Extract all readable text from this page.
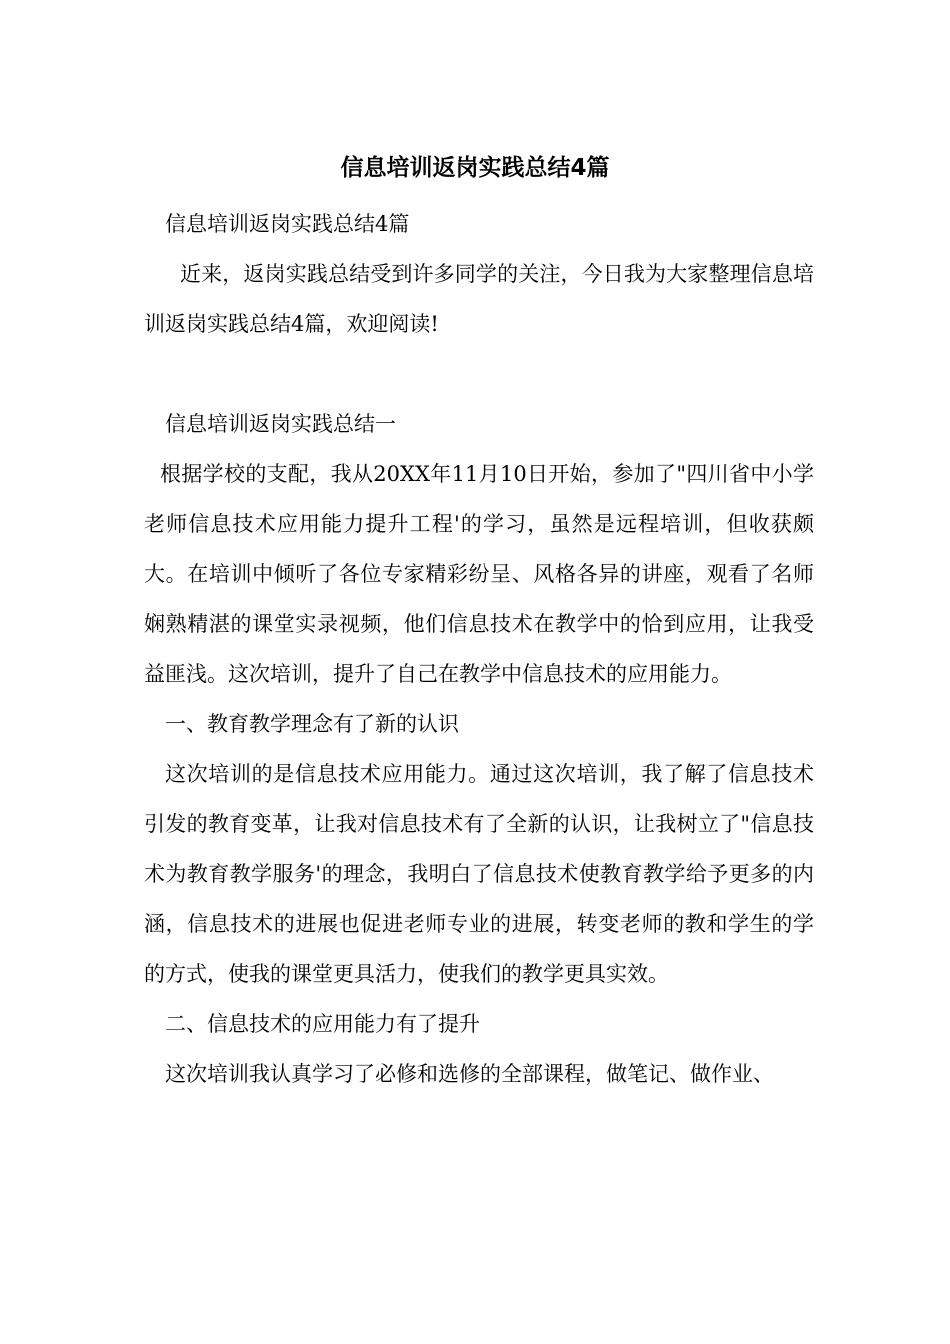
信息培训返岗实践总结4篇

信息培训返岗实践总结4篇

近来，返岗实践总结受到许多同学的关注，今日我为大家整理信息培训返岗实践总结4篇，欢迎阅读!

信息培训返岗实践总结一

根据学校的支配，我从20XX年11月10日开始，参加了"四川省中小学老师信息技术应用能力提升工程'的学习，虽然是远程培训，但收获颇大。在培训中倾听了各位专家精彩纷呈、风格各异的讲座，观看了名师娴熟精湛的课堂实录视频，他们信息技术在教学中的恰到应用，让我受益匪浅。这次培训，提升了自己在教学中信息技术的应用能力。

一、教育教学理念有了新的认识

这次培训的是信息技术应用能力。通过这次培训，我了解了信息技术引发的教育变革，让我对信息技术有了全新的认识，让我树立了"信息技术为教育教学服务'的理念，我明白了信息技术使教育教学给予更多的内涵，信息技术的进展也促进老师专业的进展，转变老师的教和学生的学的方式，使我的课堂更具活力，使我们的教学更具实效。

二、信息技术的应用能力有了提升

这次培训我认真学习了必修和选修的全部课程，做笔记、做作业、
